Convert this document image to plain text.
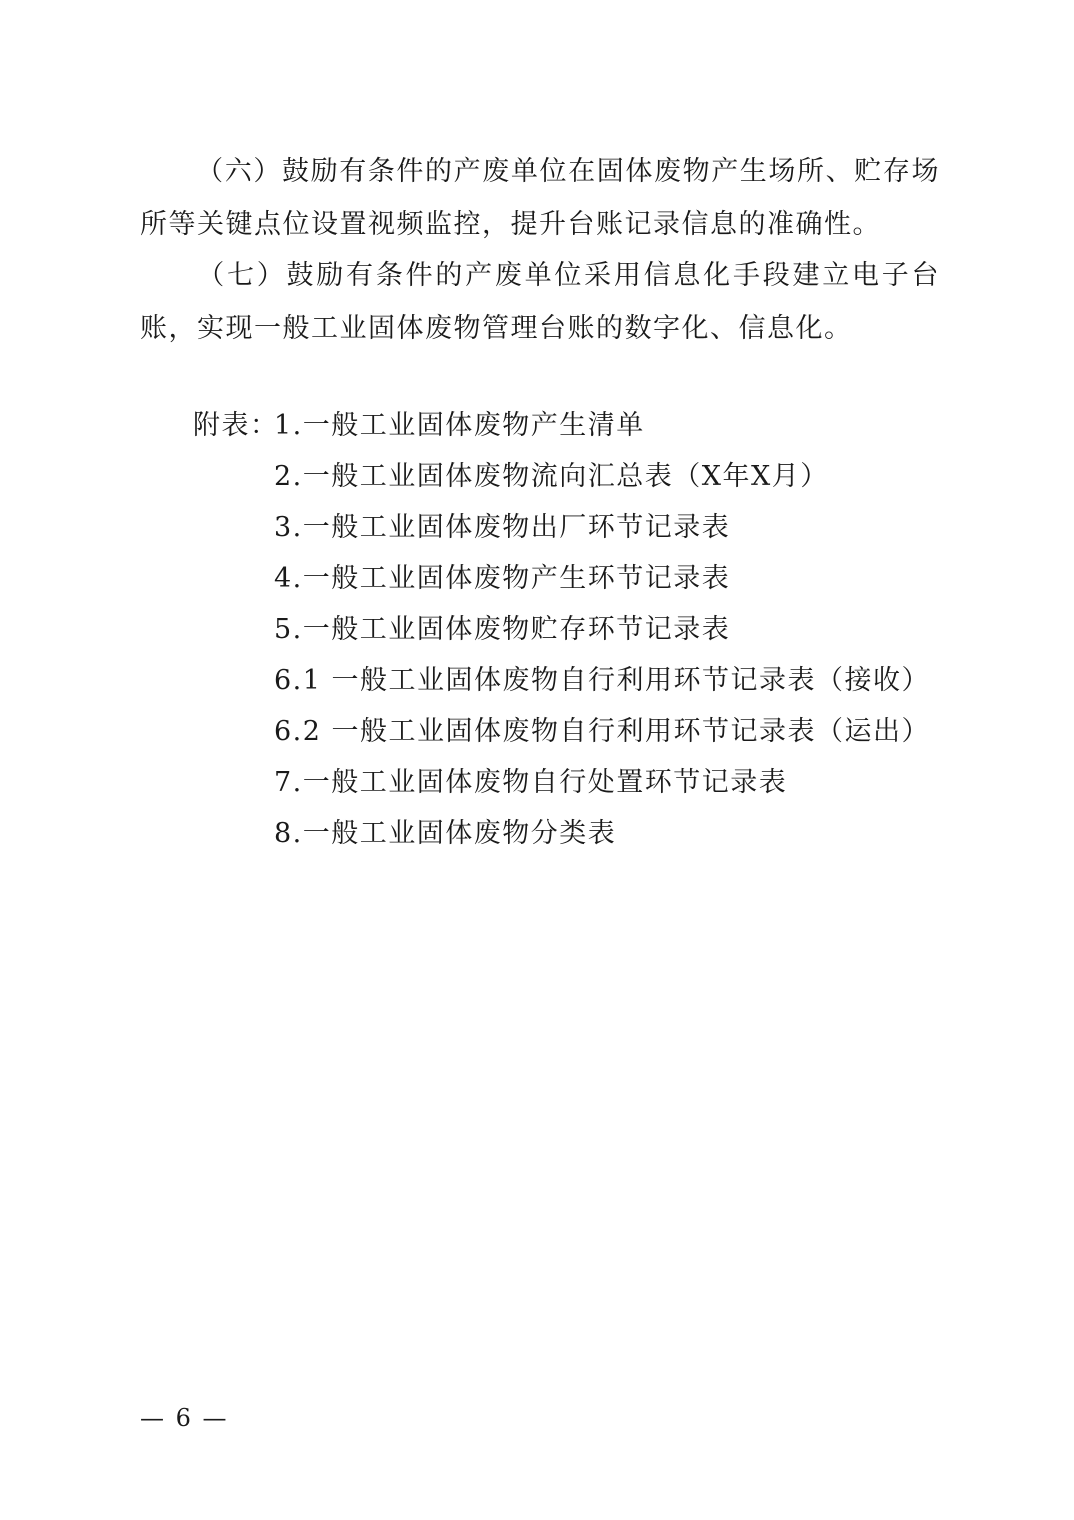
（六）鼓励有条件的产废单位在固体废物产生场所、贮存场所等关键点位设置视频监控，提升台账记录信息的准确性。

（七）鼓励有条件的产废单位采用信息化手段建立电子台账，实现一般工业固体废物管理台账的数字化、信息化。

附表：
1.一般工业固体废物产生清单
2.一般工业固体废物流向汇总表（X年X月）
3.一般工业固体废物出厂环节记录表
4.一般工业固体废物产生环节记录表
5.一般工业固体废物贮存环节记录表
6.1 一般工业固体废物自行利用环节记录表（接收）
6.2 一般工业固体废物自行利用环节记录表（运出）
7.一般工业固体废物自行处置环节记录表
8.一般工业固体废物分类表
— 6 —
